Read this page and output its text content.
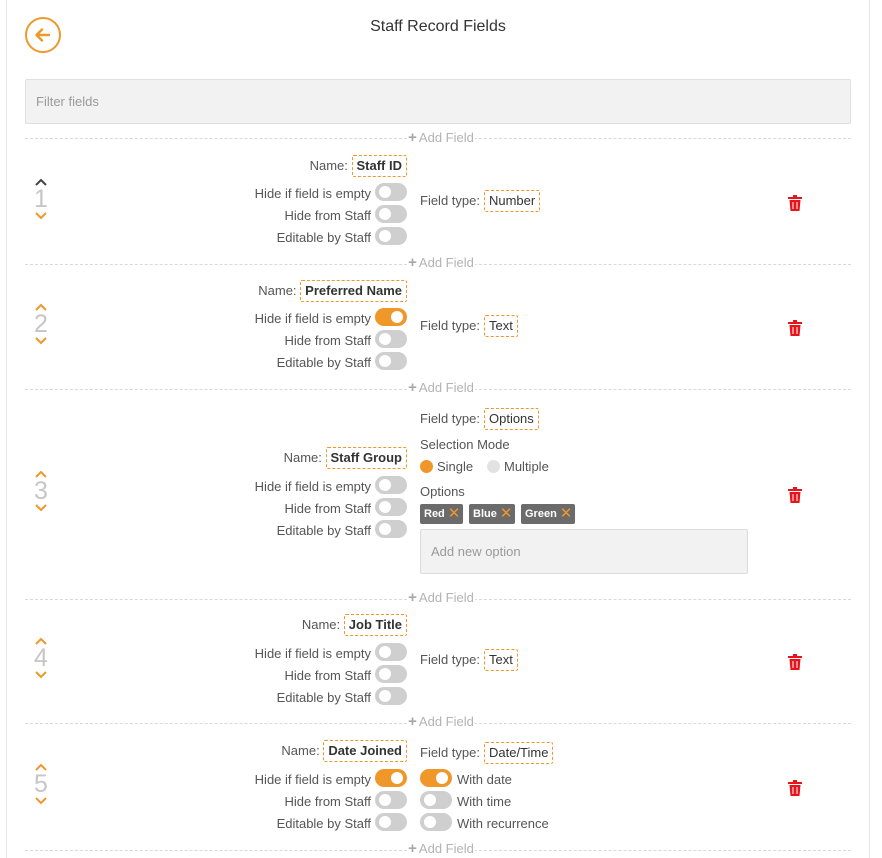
Staff Record Fields
Filter fields
+ Add Field
+ Add Field
+ Add Field
+ Add Field
+ Add Field
+ Add Field
1
Name: Staff ID
Hide if field is empty
Hide from Staff
Editable by Staff
Field type: Number
2
Name: Preferred Name
Hide if field is empty
Hide from Staff
Editable by Staff
Field type: Text
3
Name: Staff Group
Hide if field is empty
Hide from Staff
Editable by Staff
Field type: Options
Selection Mode
Single	Multiple
Options
Red ✕	Blue ✕	Green ✕
Add new option
4
Name: Job Title
Hide if field is empty
Hide from Staff
Editable by Staff
Field type: Text
5
Name: Date Joined
Hide if field is empty
Hide from Staff
Editable by Staff
Field type: Date/Time
With date
With time
With recurrence
